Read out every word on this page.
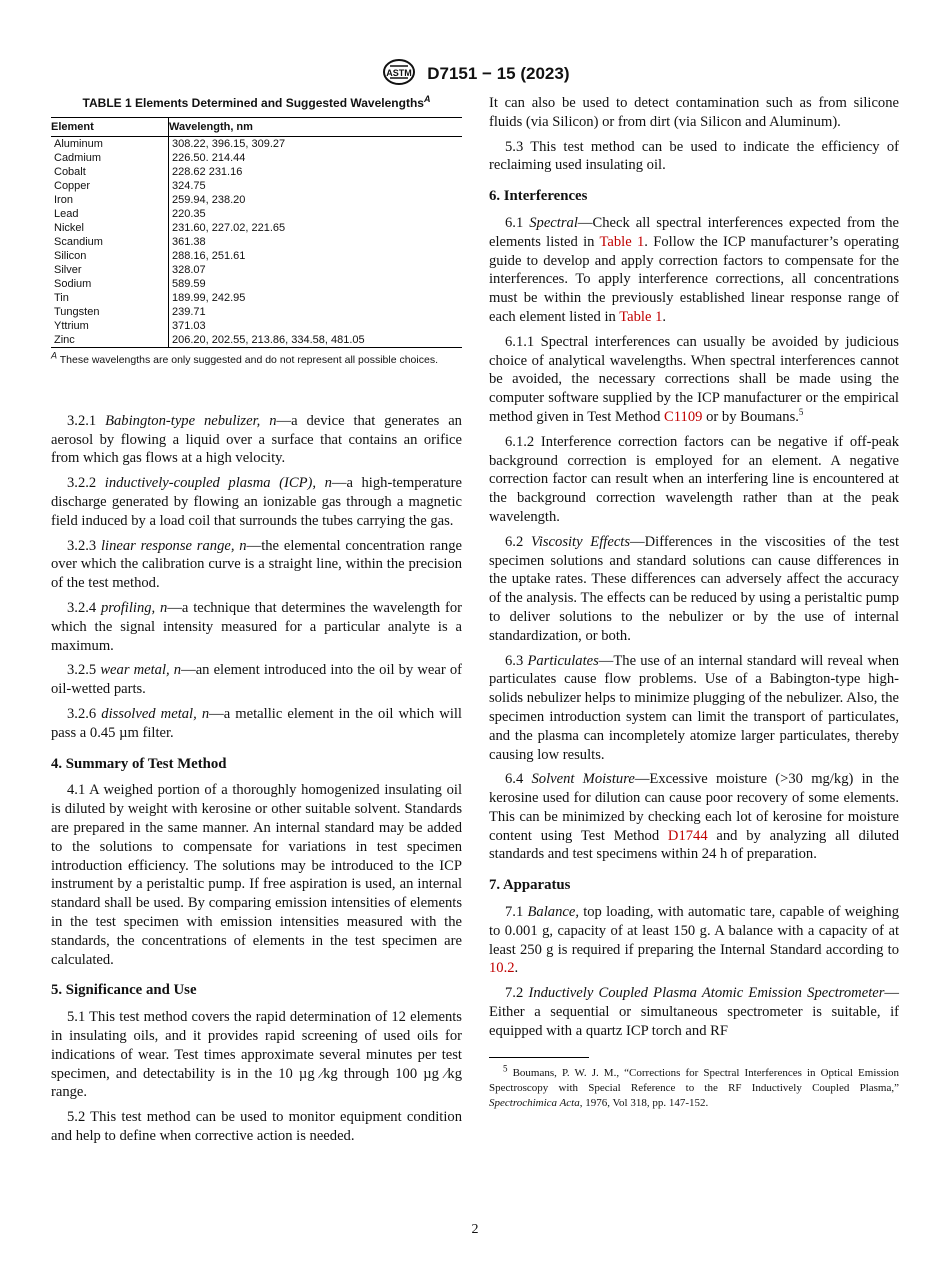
ASTM D7151 − 15 (2023)
TABLE 1 Elements Determined and Suggested Wavelengths$^A$
Element	Wavelength, nm
Aluminum	308.22, 396.15, 309.27
Cadmium	226.50. 214.44
Cobalt	228.62 231.16
Copper	324.75
Iron	259.94, 238.20
Lead	220.35
Nickel	231.60, 227.02, 221.65
Scandium	361.38
Silicon	288.16, 251.61
Silver	328.07
Sodium	589.59
Tin	189.99, 242.95
Tungsten	239.71
Yttrium	371.03
Zinc	206.20, 202.55, 213.86, 334.58, 481.05
$^A$ These wavelengths are only suggested and do not represent all possible choices.

3.2.1 Babington-type nebulizer, n—a device that generates an aerosol by flowing a liquid over a surface that contains an orifice from which gas flows at a high velocity.

3.2.2 inductively-coupled plasma (ICP), n—a high-temperature discharge generated by flowing an ionizable gas through a magnetic field induced by a load coil that surrounds the tubes carrying the gas.

3.2.3 linear response range, n—the elemental concentration range over which the calibration curve is a straight line, within the precision of the test method.

3.2.4 profiling, n—a technique that determines the wavelength for which the signal intensity measured for a particular analyte is a maximum.

3.2.5 wear metal, n—an element introduced into the oil by wear of oil-wetted parts.

3.2.6 dissolved metal, n—a metallic element in the oil which will pass a 0.45 µm filter.

4. Summary of Test Method

4.1 A weighed portion of a thoroughly homogenized insulating oil is diluted by weight with kerosine or other suitable solvent. Standards are prepared in the same manner. An internal standard may be added to the solutions to compensate for variations in test specimen introduction efficiency. The solutions may be introduced to the ICP instrument by a peristaltic pump. If free aspiration is used, an internal standard shall be used. By comparing emission intensities of elements in the test specimen with emission intensities measured with the standards, the concentrations of elements in the test specimen are calculated.

5. Significance and Use

5.1 This test method covers the rapid determination of 12 elements in insulating oils, and it provides rapid screening of used oils for indications of wear. Test times approximate several minutes per test specimen, and detectability is in the 10 µg ⁄kg through 100 µg ⁄kg range.

5.2 This test method can be used to monitor equipment condition and help to define when corrective action is needed.

It can also be used to detect contamination such as from silicone fluids (via Silicon) or from dirt (via Silicon and Aluminum).

5.3 This test method can be used to indicate the efficiency of reclaiming used insulating oil.

6. Interferences

6.1 Spectral—Check all spectral interferences expected from the elements listed in Table 1. Follow the ICP manufacturer’s operating guide to develop and apply correction factors to compensate for the interferences. To apply interference corrections, all concentrations must be within the previously established linear response range of each element listed in Table 1.

6.1.1 Spectral interferences can usually be avoided by judicious choice of analytical wavelengths. When spectral interferences cannot be avoided, the necessary corrections shall be made using the computer software supplied by the ICP manufacturer or the empirical method given in Test Method C1109 or by Boumans.$^5$

6.1.2 Interference correction factors can be negative if off-peak background correction is employed for an element. A negative correction factor can result when an interfering line is encountered at the background correction wavelength rather than at the peak wavelength.

6.2 Viscosity Effects—Differences in the viscosities of the test specimen solutions and standard solutions can cause differences in the uptake rates. These differences can adversely affect the accuracy of the analysis. The effects can be reduced by using a peristaltic pump to deliver solutions to the nebulizer or by the use of internal standardization, or both.

6.3 Particulates—The use of an internal standard will reveal when particulates cause flow problems. Use of a Babington-type high-solids nebulizer helps to minimize plugging of the nebulizer. Also, the specimen introduction system can limit the transport of particulates, and the plasma can incompletely atomize larger particulates, thereby causing low results.

6.4 Solvent Moisture—Excessive moisture (>30 mg/kg) in the kerosine used for dilution can cause poor recovery of some elements. This can be minimized by checking each lot of kerosine for moisture content using Test Method D1744 and by analyzing all diluted standards and test specimens within 24 h of preparation.

7. Apparatus

7.1 Balance, top loading, with automatic tare, capable of weighing to 0.001 g, capacity of at least 150 g. A balance with a capacity of at least 250 g is required if preparing the Internal Standard according to 10.2.

7.2 Inductively Coupled Plasma Atomic Emission Spectrometer—Either a sequential or simultaneous spectrometer is suitable, if equipped with a quartz ICP torch and RF

$^5$ Boumans, P. W. J. M., “Corrections for Spectral Interferences in Optical Emission Spectroscopy with Special Reference to the RF Inductively Coupled Plasma,” Spectrochimica Acta, 1976, Vol 318, pp. 147-152.
2
